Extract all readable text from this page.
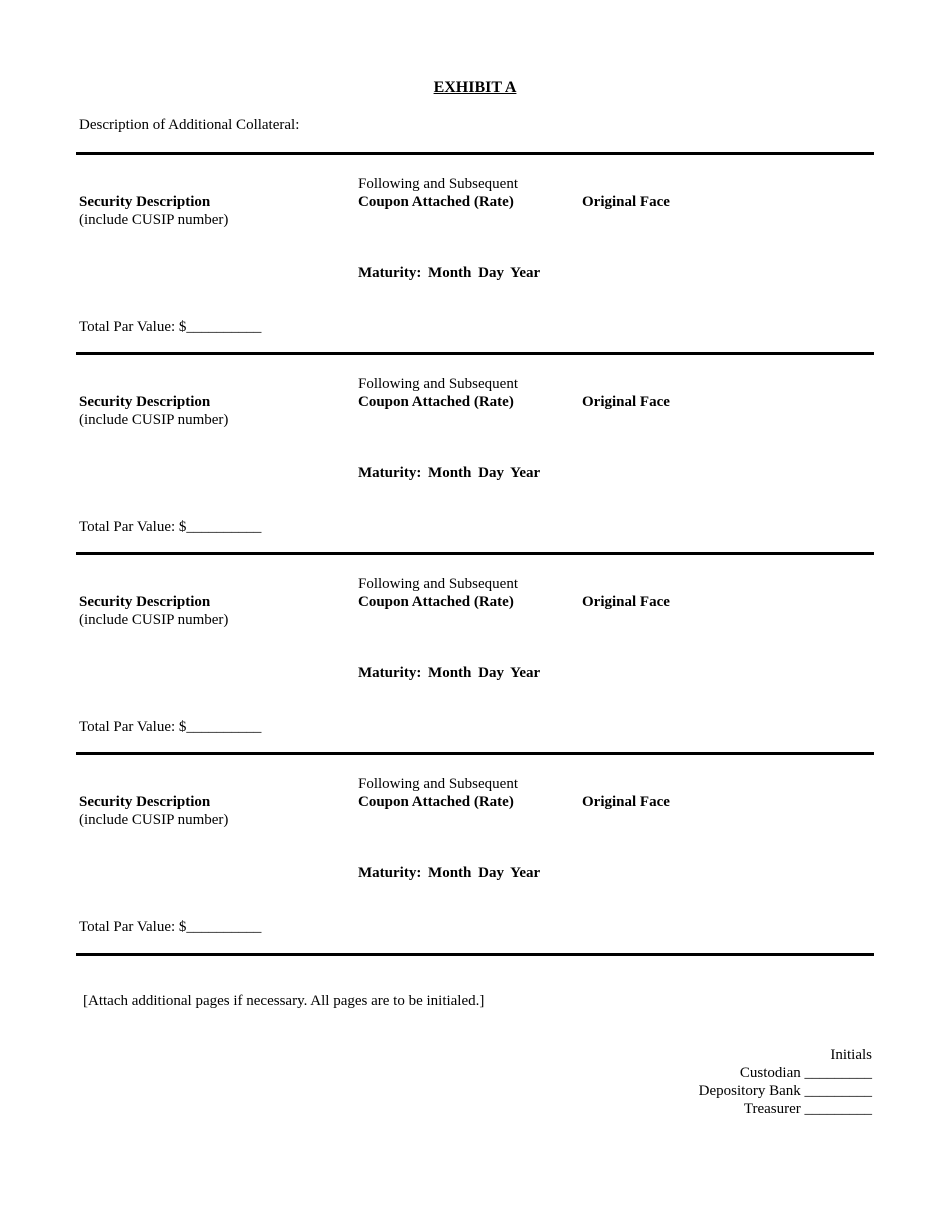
EXHIBIT A
Description of Additional Collateral:
Security Description
(include CUSIP number)
Following and Subsequent
Coupon Attached (Rate)	Original Face
Maturity: Month Day Year
Total Par Value: $__________
Security Description
(include CUSIP number)
Following and Subsequent
Coupon Attached (Rate)	Original Face
Maturity: Month Day Year
Total Par Value: $__________
Security Description
(include CUSIP number)
Following and Subsequent
Coupon Attached (Rate)	Original Face
Maturity: Month Day Year
Total Par Value: $__________
Security Description
(include CUSIP number)
Following and Subsequent
Coupon Attached (Rate)	Original Face
Maturity: Month Day Year
Total Par Value: $__________
[Attach additional pages if necessary. All pages are to be initialed.]
Initials
Custodian _________
Depository Bank _________
Treasurer _________
